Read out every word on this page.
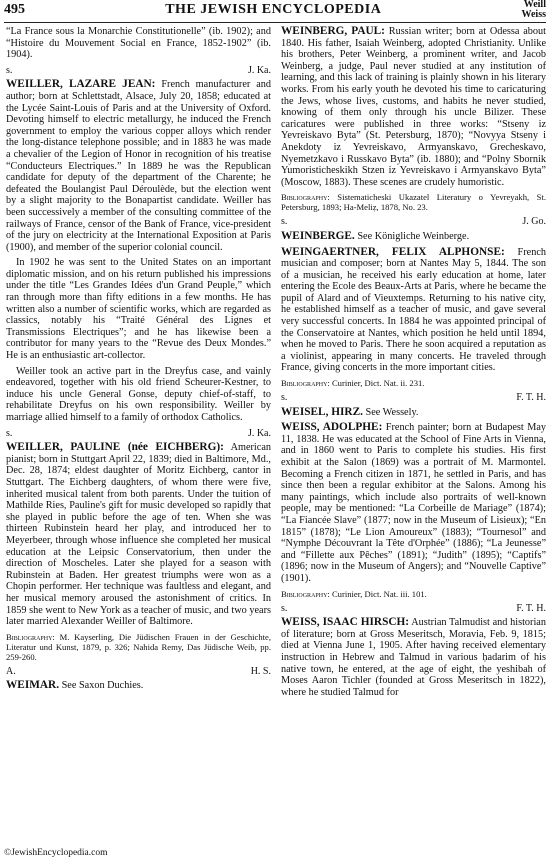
495	THE JEWISH ENCYCLOPEDIA	Weill
Weiss

“La France sous la Monarchie Constitutionelle” (ib. 1902); and “Histoire du Mouvement Social en France, 1852-1902” (ib. 1904).

s.	J. Ka.

WEILLER, LAZARE JEAN: French manufacturer and author; born at Schlettstadt, Alsace, July 20, 1858; educated at the Lycée Saint-Louis of Paris and at the University of Oxford. Devoting himself to electric metallurgy, he induced the French government to employ the various copper alloys which render the long-distance telephone possible; and in 1883 he was made a chevalier of the Legion of Honor in recognition of his treatise “Conducteurs Electriques.” In 1889 he was the Republican candidate for deputy of the department of the Charente; he defeated the Boulangist Paul Déroulède, but the election went by a slight majority to the Bonapartist candidate. Weiller has been successively a member of the consulting committee of the railways of France, censor of the Bank of France, vice-president of the jury on electricity at the International Exposition at Paris (1900), and member of the superior colonial council.

In 1902 he was sent to the United States on an important diplomatic mission, and on his return published his impressions under the title “Les Grandes Idées d'un Grand Peuple,” which ran through more than fifty editions in a few months. He has written also a number of scientific works, which are regarded as classics, notably his “Traité Général des Lignes et Transmissions Electriques”; and he has likewise been a contributor for many years to the “Revue des Deux Mondes.” He is an enthusiastic art-collector.

Weiller took an active part in the Dreyfus case, and vainly endeavored, together with his old friend Scheurer-Kestner, to induce his uncle General Gonse, deputy chief-of-staff, to rehabilitate Dreyfus on his own responsibility. Weiller by marriage allied himself to a family of orthodox Catholics.

s.	J. Ka.

WEILLER, PAULINE (née EICHBERG): American pianist; born in Stuttgart April 22, 1839; died in Baltimore, Md., Dec. 28, 1874; eldest daughter of Moritz Eichberg, cantor in Stuttgart. The Eichberg daughters, of whom there were five, inherited musical talent from both parents. Under the tuition of Mathilde Ries, Pauline's gift for music developed so rapidly that she played in public before the age of ten. When she was thirteen Rubinstein heard her play, and introduced her to Meyerbeer, through whose influence she completed her musical education at the Leipsic Conservatorium, then under the direction of Moscheles. Later she played for a season with Rubinstein at Baden. Her greatest triumphs were won as a Chopin performer. Her technique was faultless and elegant, and her musical memory aroused the astonishment of critics. In 1859 she went to New York as a teacher of music, and two years later married Alexander Weiller of Baltimore.

Bibliography: M. Kayserling, Die Jüdischen Frauen in der Geschichte, Literatur und Kunst, 1879, p. 326; Nahida Remy, Das Jüdische Weib, pp. 259-260.

A.	H. S.

WEIMAR. See Saxon Duchies.

WEINBERG, PAUL: Russian writer; born at Odessa about 1840. His father, Isaiah Weinberg, adopted Christianity. Unlike his brothers, Peter Weinberg, a prominent writer, and Jacob Weinberg, a judge, Paul never studied at any institution of learning, and this lack of training is plainly shown in his literary works. From his early youth he devoted his time to caricaturing the Jews, whose lives, customs, and habits he never studied, knowing of them only through his uncle Bilizer. These caricatures were published in three works: “Stseny iz Yevreiskavo Byta” (St. Petersburg, 1870); “Novyya Stseny i Anekdoty iz Yevreiskavo, Armyanskavo, Grecheskavo, Nyemetzkavo i Russkavo Byta” (ib. 1880); and “Polny Sbornik Yumoristicheskikh Stzen iz Yevreiskavo i Armyanskavo Byta” (Moscow, 1883). These scenes are crudely humoristic.

Bibliography: Sistematicheski Ukazatel Literatury o Yevreyakh, St. Petersburg, 1893; Ha-Meliẓ, 1878, No. 23.

s.	J. Go.

WEINBERGE. See Königliche Weinberge.

WEINGAERTNER, FELIX ALPHONSE: French musician and composer; born at Nantes May 5, 1844. The son of a musician, he received his early education at home, later entering the Ecole des Beaux-Arts at Paris, where he became the pupil of Alard and of Vieuxtemps. Returning to his native city, he established himself as a teacher of music, and gave several very successful concerts. In 1884 he was appointed principal of the Conservatoire at Nantes, which position he held until 1894, when he moved to Paris. There he soon acquired a reputation as a violinist, appearing in many concerts. He traveled through France, giving concerts in the more important cities.

Bibliography: Curinier, Dict. Nat. ii. 231.

s.	F. T. H.

WEISEL, HIRZ. See Wessely.

WEISS, ADOLPHE: French painter; born at Budapest May 11, 1838. He was educated at the School of Fine Arts in Vienna, and in 1860 went to Paris to complete his studies. His first exhibit at the Salon (1869) was a portrait of M. Marmontel. Becoming a French citizen in 1871, he settled in Paris, and has since then been a regular exhibitor at the Salons. Among his many paintings, which include also portraits of well-known people, may be mentioned: “La Corbeille de Mariage” (1874); “La Fiancée Slave” (1877; now in the Museum of Lisieux); “En 1815” (1878); “Le Lion Amoureux” (1883); “Tournesol” and “Nymphe Découvrant la Tête d'Orphée” (1886); “La Jeunesse” and “Fillette aux Pêches” (1891); “Judith” (1895); “Captifs” (1896; now in the Museum of Angers); and “Nouvelle Captive” (1901).

Bibliography: Curinier, Dict. Nat. iii. 101.

s.	F. T. H.

WEISS, ISAAC HIRSCH: Austrian Talmudist and historian of literature; born at Gross Meseritsch, Moravia, Feb. 9, 1815; died at Vienna June 1, 1905. After having received elementary instruction in Hebrew and Talmud in various ḥadarim of his native town, he entered, at the age of eight, the yeshibah of Moses Aaron Tichler (founded at Gross Meseritsch in 1822), where he studied Talmud for

©JewishEncyclopedia.com
